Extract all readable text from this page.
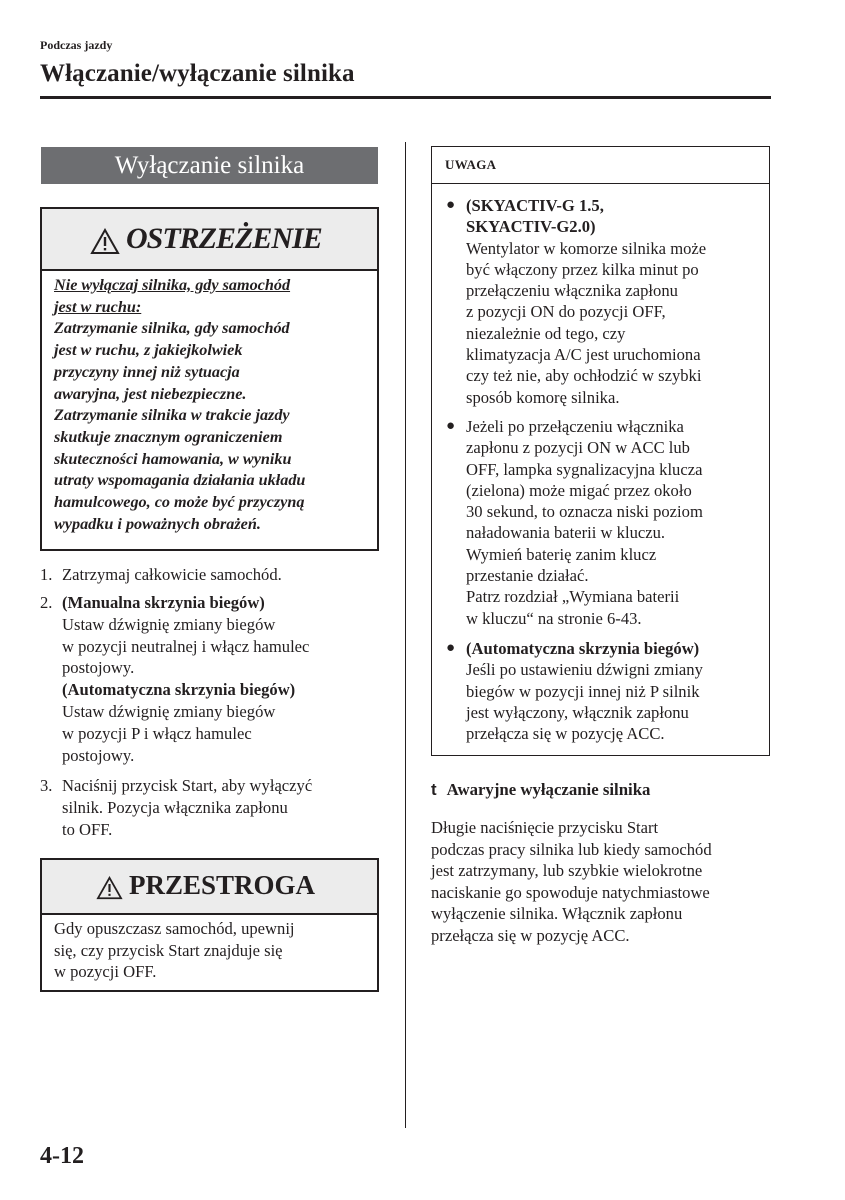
Podczas jazdy
Włączanie/wyłączanie silnika
Wyłączanie silnika
OSTRZEŻENIE
Nie wyłączaj silnika, gdy samochód
jest w ruchu:
Zatrzymanie silnika, gdy samochód
jest w ruchu, z jakiejkolwiek
przyczyny innej niż sytuacja
awaryjna, jest niebezpieczne.
Zatrzymanie silnika w trakcie jazdy
skutkuje znacznym ograniczeniem
skuteczności hamowania, w wyniku
utraty wspomagania działania układu
hamulcowego, co może być przyczyną
wypadku i poważnych obrażeń.
1. Zatrzymaj całkowicie samochód.
2. (Manualna skrzynia biegów)
Ustaw dźwignię zmiany biegów
w pozycji neutralnej i włącz hamulec
postojowy.
(Automatyczna skrzynia biegów)
Ustaw dźwignię zmiany biegów
w pozycji P i włącz hamulec
postojowy.
3. Naciśnij przycisk Start, aby wyłączyć
silnik. Pozycja włącznika zapłonu
to OFF.
PRZESTROGA
Gdy opuszczasz samochód, upewnij
się, czy przycisk Start znajduje się
w pozycji OFF.
UWAGA
● (SKYACTIV-G 1.5,
SKYACTIV-G2.0)
Wentylator w komorze silnika może
być włączony przez kilka minut po
przełączeniu włącznika zapłonu
z pozycji ON do pozycji OFF,
niezależnie od tego, czy
klimatyzacja A/C jest uruchomiona
czy też nie, aby ochłodzić w szybki
sposób komorę silnika.
● Jeżeli po przełączeniu włącznika
zapłonu z pozycji ON w ACC lub
OFF, lampka sygnalizacyjna klucza
(zielona) może migać przez około
30 sekund, to oznacza niski poziom
naładowania baterii w kluczu.
Wymień baterię zanim klucz
przestanie działać.
Patrz rozdział „Wymiana baterii
w kluczu“ na stronie 6-43.
● (Automatyczna skrzynia biegów)
Jeśli po ustawieniu dźwigni zmiany
biegów w pozycji innej niż P silnik
jest wyłączony, włącznik zapłonu
przełącza się w pozycję ACC.
t Awaryjne wyłączanie silnika
Długie naciśnięcie przycisku Start
podczas pracy silnika lub kiedy samochód
jest zatrzymany, lub szybkie wielokrotne
naciskanie go spowoduje natychmiastowe
wyłączenie silnika. Włącznik zapłonu
przełącza się w pozycję ACC.
4-12
